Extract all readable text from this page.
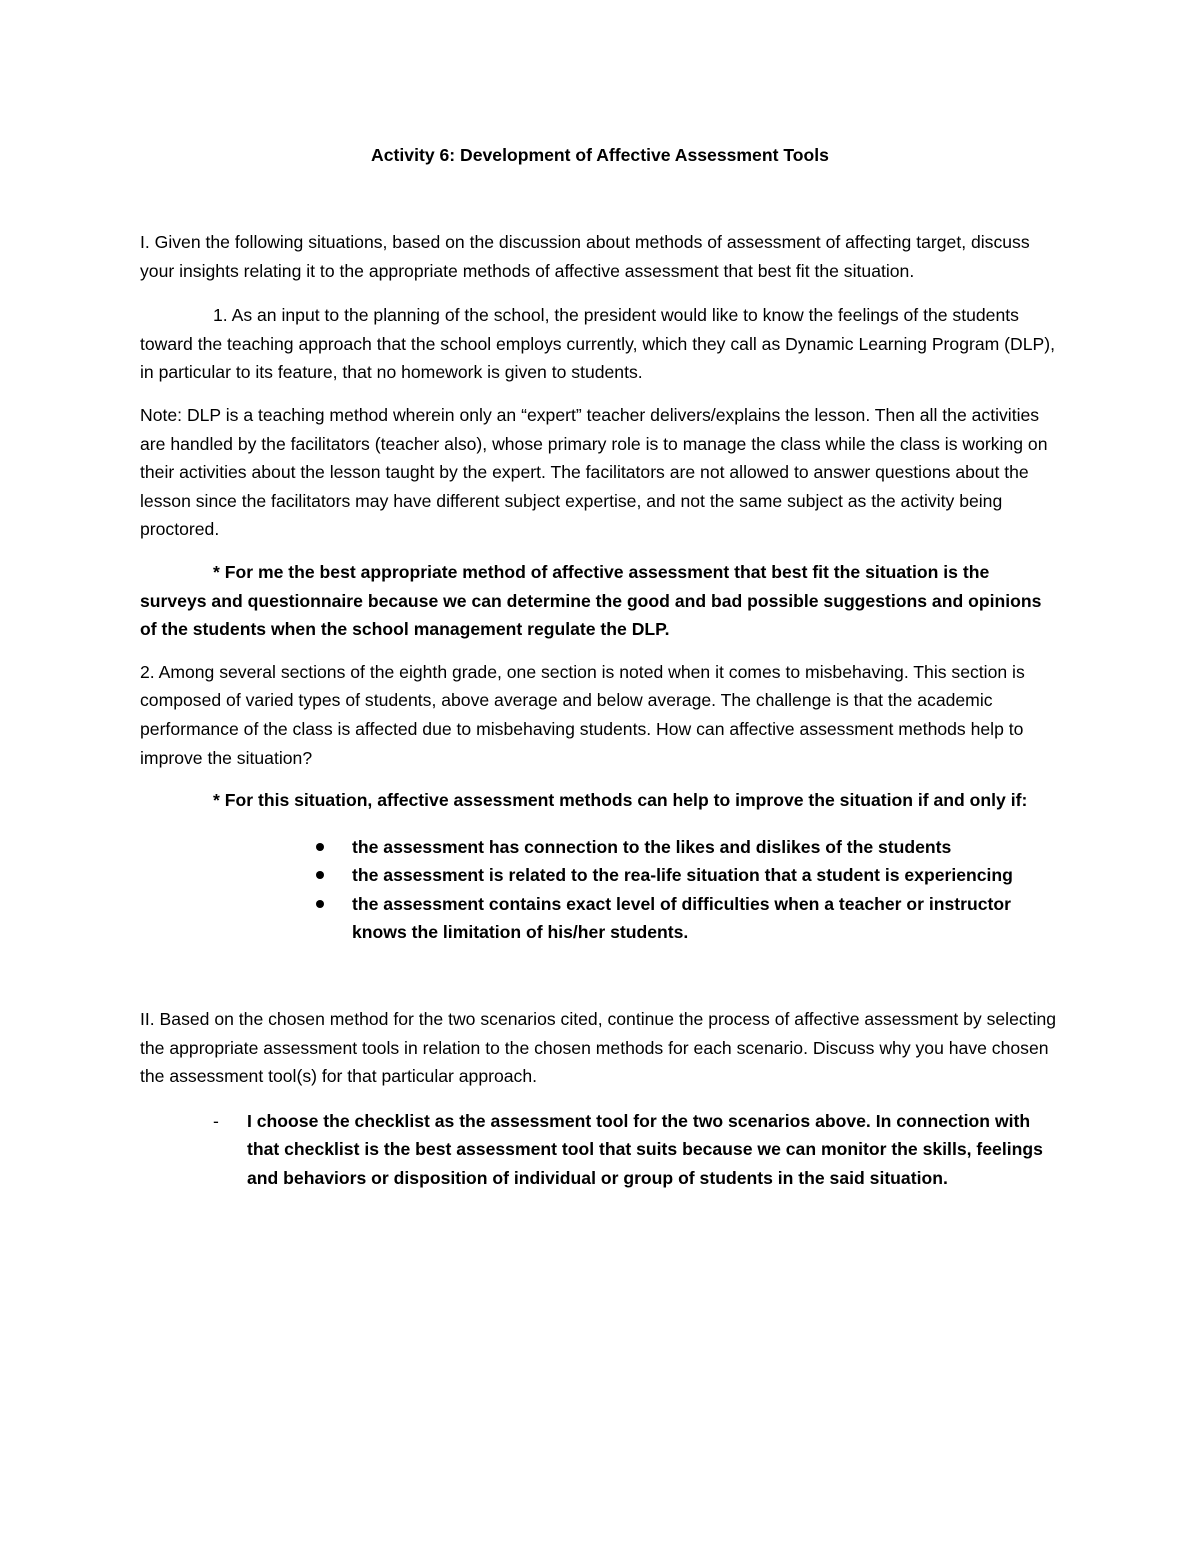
Activity 6: Development of Affective Assessment Tools

I. Given the following situations, based on the discussion about methods of assessment of affecting target, discuss your insights relating it to the appropriate methods of affective assessment that best fit the situation.

1. As an input to the planning of the school, the president would like to know the feelings of the students toward the teaching approach that the school employs currently, which they call as Dynamic Learning Program (DLP), in particular to its feature, that no homework is given to students.

Note: DLP is a teaching method wherein only an “expert” teacher delivers/explains the lesson. Then all the activities are handled by the facilitators (teacher also), whose primary role is to manage the class while the class is working on their activities about the lesson taught by the expert. The facilitators are not allowed to answer questions about the lesson since the facilitators may have different subject expertise, and not the same subject as the activity being proctored.

* For me the best appropriate method of affective assessment that best fit the situation is the surveys and questionnaire because we can determine the good and bad possible suggestions and opinions of the students when the school management regulate the DLP.

2. Among several sections of the eighth grade, one section is noted when it comes to misbehaving. This section is composed of varied types of students, above average and below average. The challenge is that the academic performance of the class is affected due to misbehaving students. How can affective assessment methods help to improve the situation?

* For this situation, affective assessment methods can help to improve the situation if and only if:

the assessment has connection to the likes and dislikes of the students
the assessment is related to the rea-life situation that a student is experiencing
the assessment contains exact level of difficulties when a teacher or instructor knows the limitation of his/her students.

II. Based on the chosen method for the two scenarios cited, continue the process of affective assessment by selecting the appropriate assessment tools in relation to the chosen methods for each scenario. Discuss why you have chosen the assessment tool(s) for that particular approach.

- I choose the checklist as the assessment tool for the two scenarios above. In connection with that checklist is the best assessment tool that suits because we can monitor the skills, feelings and behaviors or disposition of individual or group of students in the said situation.
